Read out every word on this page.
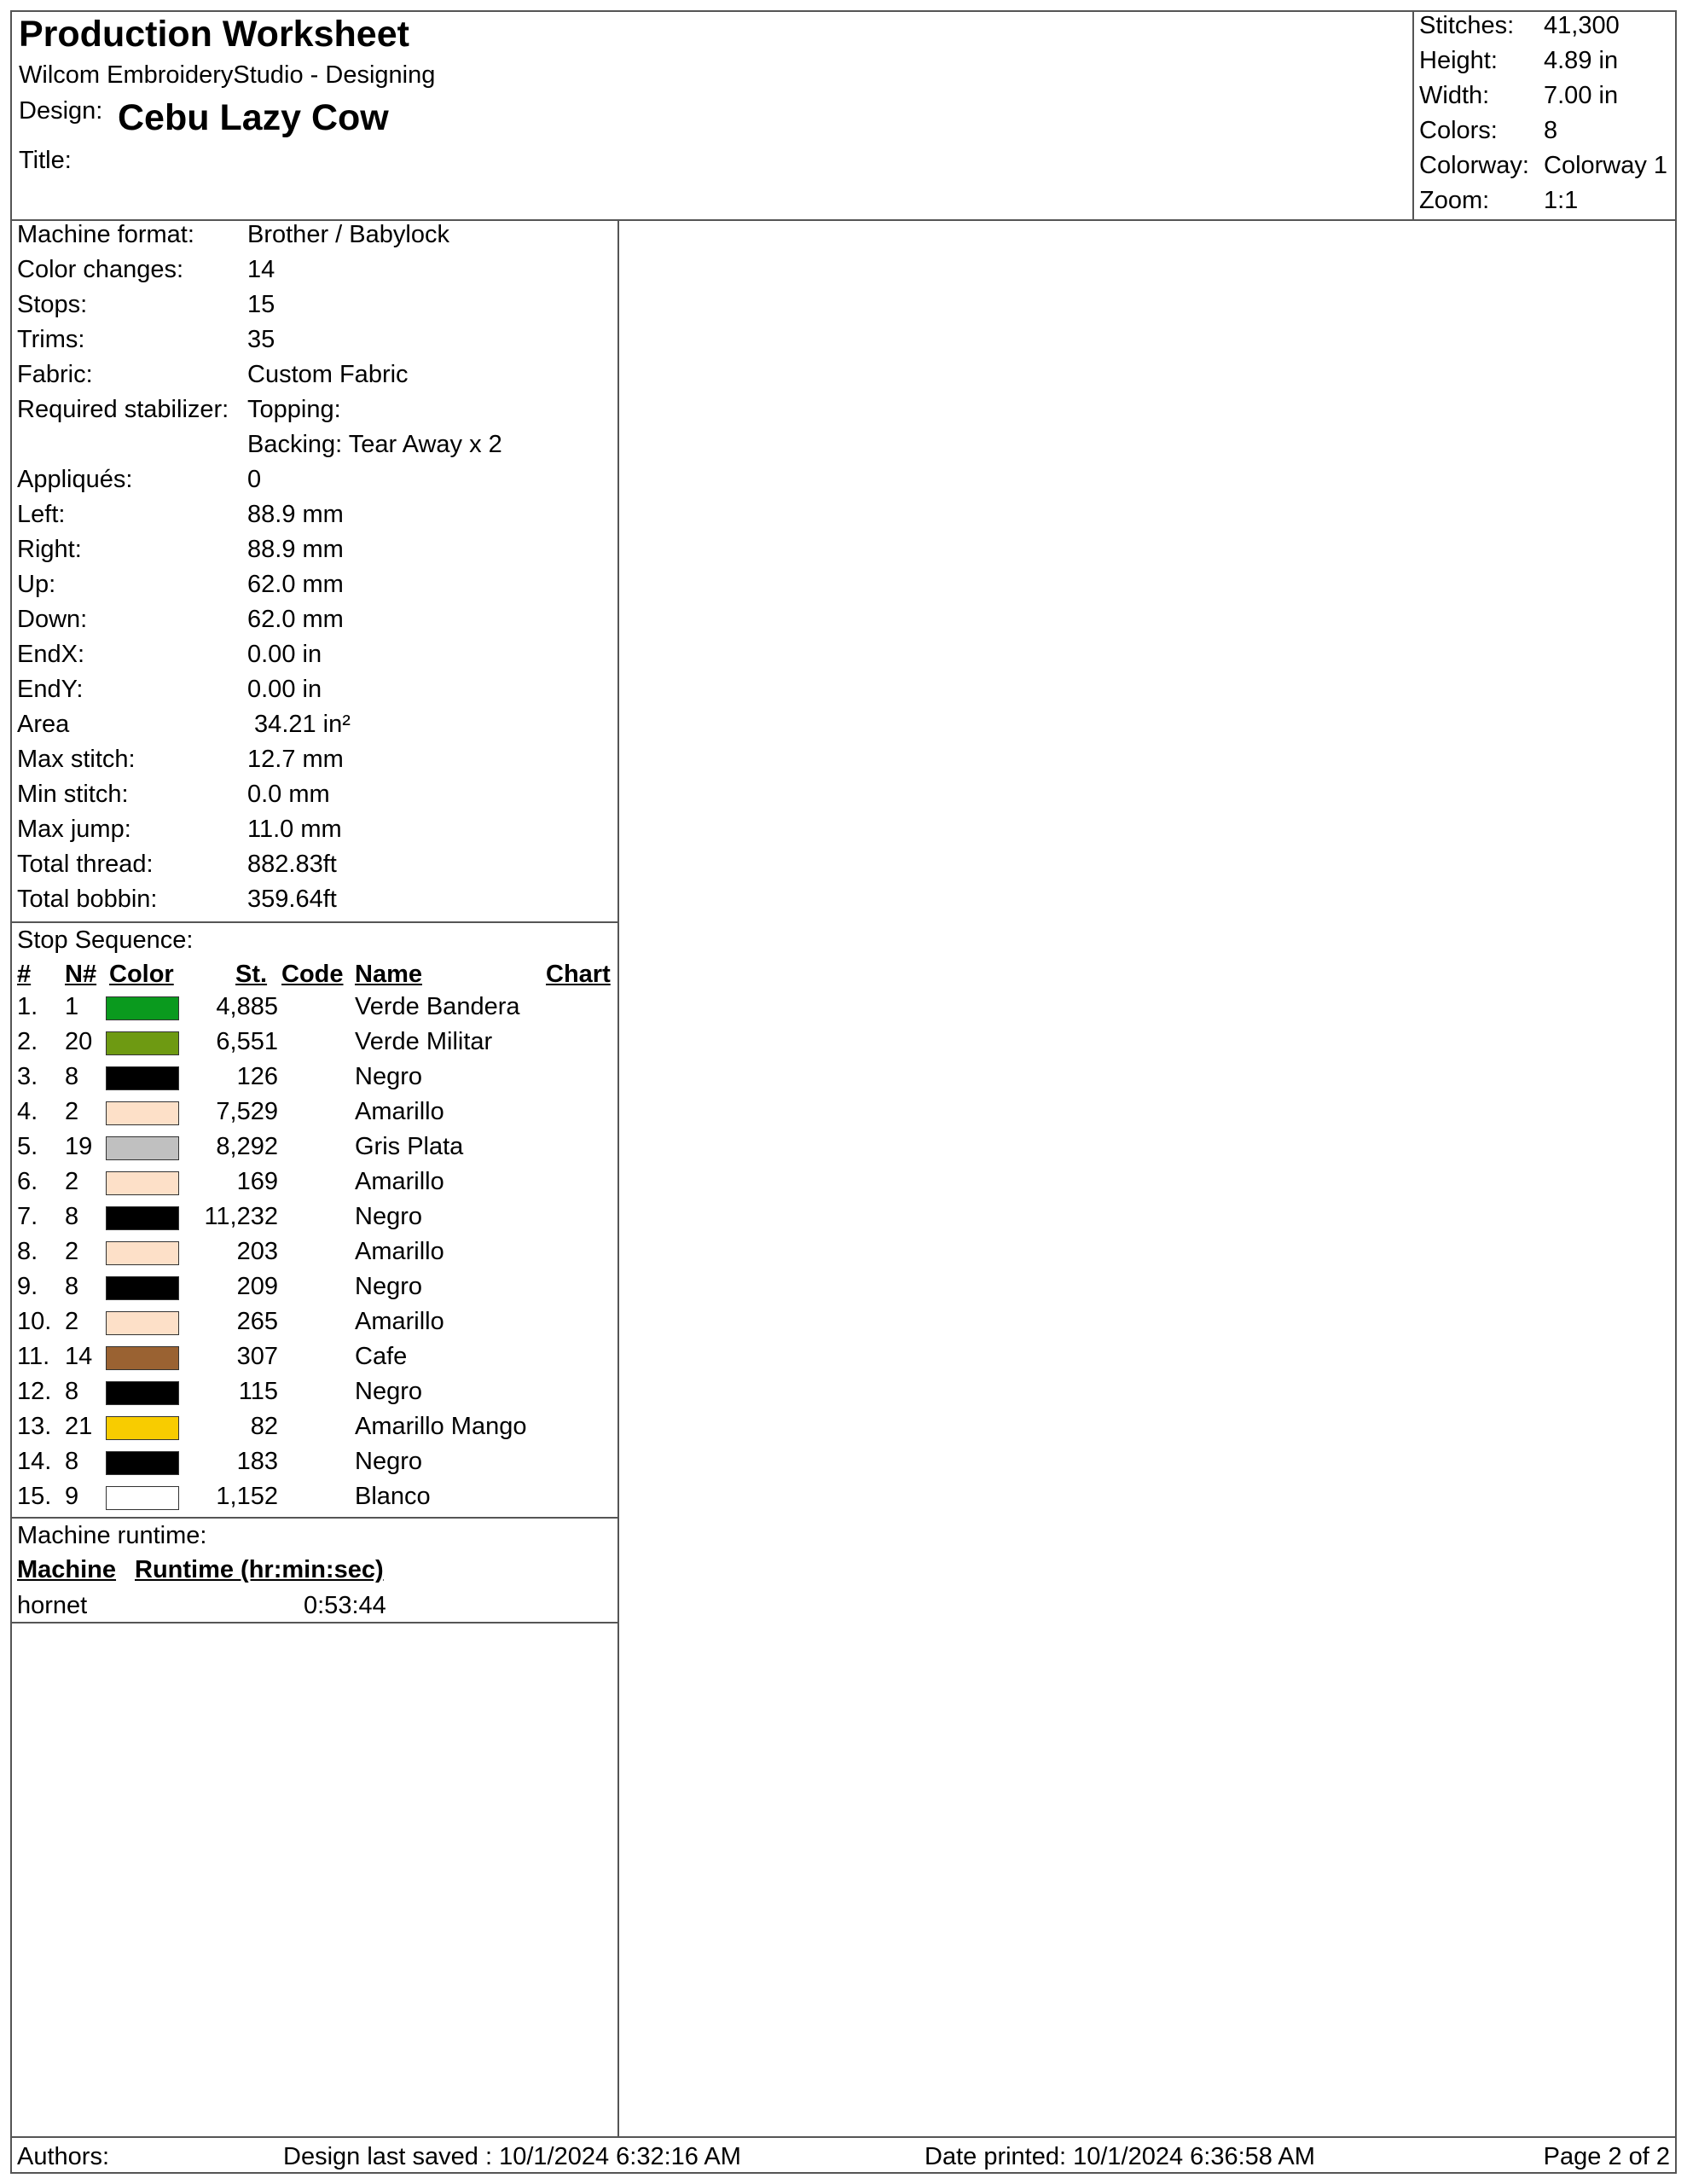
Production Worksheet
Wilcom EmbroideryStudio - Designing
Design: Cebu Lazy Cow
Title:
Stitches: 41,300
Height: 4.89 in
Width: 7.00 in
Colors: 8
Colorway: Colorway 1
Zoom: 1:1
Machine format: Brother / Babylock
Color changes:	14
Stops:	15
Trims:	35
Fabric:	Custom Fabric
Required stabilizer: Topping:
Backing: Tear Away x 2
Appliqués:	0
Left:	88.9 mm
Right:	88.9 mm
Up:	62.0 mm
Down:	62.0 mm
EndX:	0.00 in
EndY:	0.00 in
Area	34.21 in²
Max stitch:	12.7 mm
Min stitch:	0.0 mm
Max jump:	11.0 mm
Total thread:	882.83ft
Total bobbin:	359.64ft
Stop Sequence:
# N# Color St. Code Name	Chart
1. 1	4,885	Verde Bandera
2. 20	6,551	Verde Militar
3. 8	126	Negro
4. 2	7,529	Amarillo
5. 19	8,292	Gris Plata
6. 2	169	Amarillo
7. 8	11,232	Negro
8. 2	203	Amarillo
9. 8	209	Negro
10. 2	265	Amarillo
11. 14	307	Cafe
12. 8	115	Negro
13. 21	82	Amarillo Mango
14. 8	183	Negro
15. 9	1,152	Blanco
Machine runtime:
Machine Runtime (hr:min:sec)
hornet	0:53:44
Authors:	Design last saved : 10/1/2024 6:32:16 AM	Date printed: 10/1/2024 6:36:58 AM	Page 2 of 2
